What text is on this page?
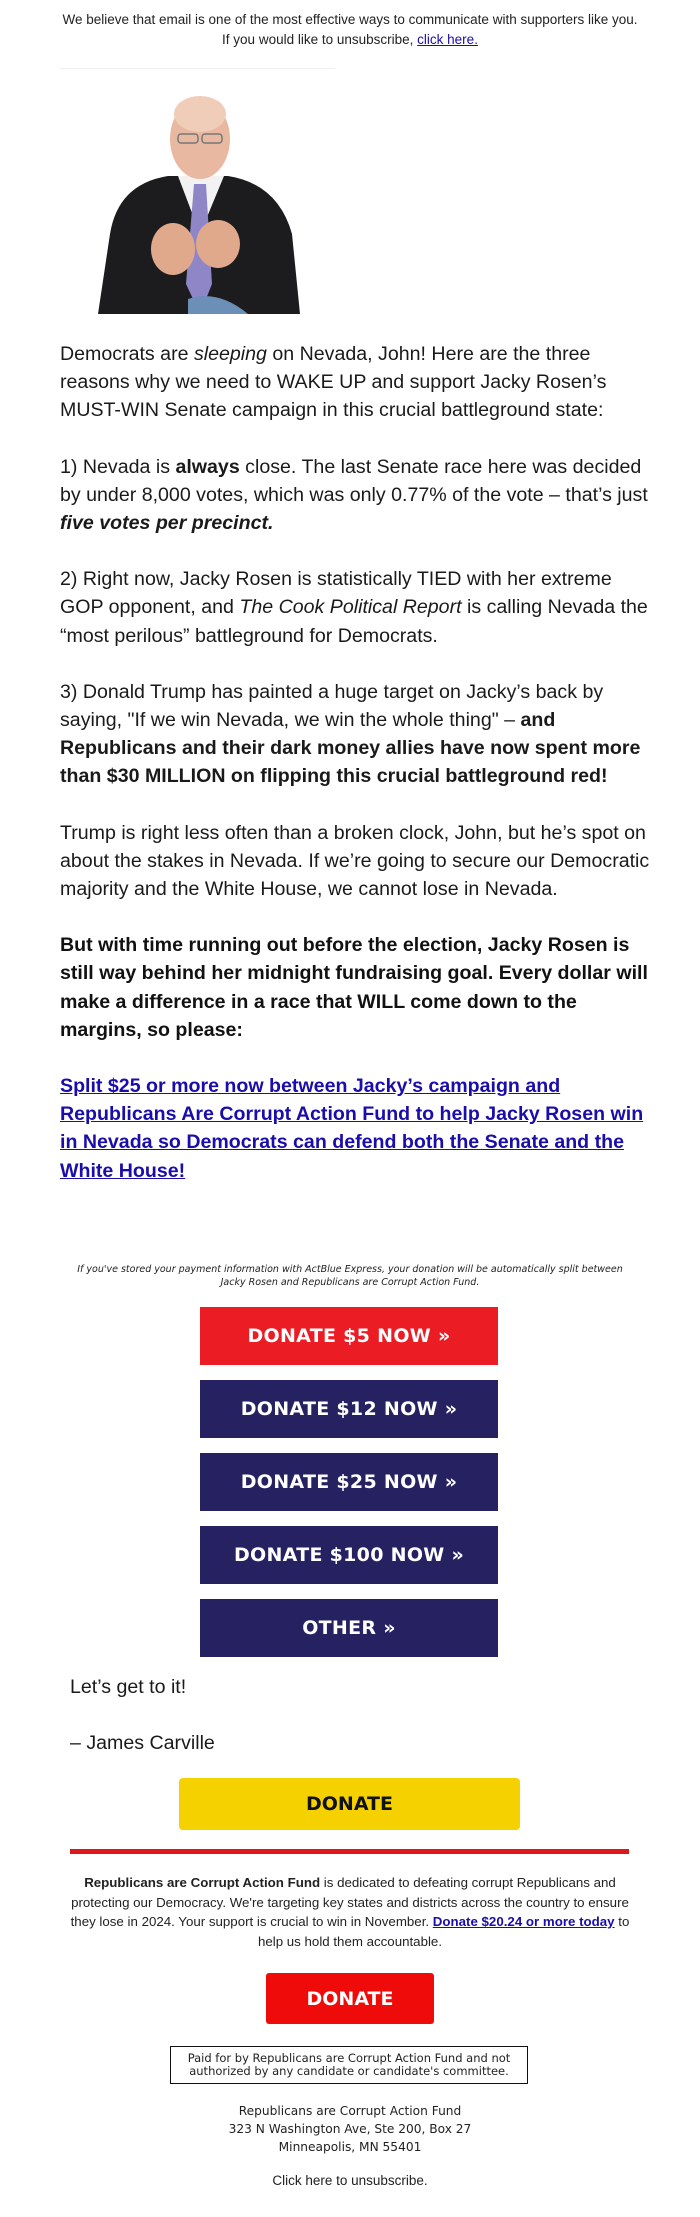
We believe that email is one of the most effective ways to communicate with supporters like you. If you would like to unsubscribe, click here.

Democrats are sleeping on Nevada, John! Here are the three reasons why we need to WAKE UP and support Jacky Rosen’s MUST-WIN Senate campaign in this crucial battleground state:

1) Nevada is always close. The last Senate race here was decided by under 8,000 votes, which was only 0.77% of the vote – that’s just five votes per precinct.

2) Right now, Jacky Rosen is statistically TIED with her extreme GOP opponent, and The Cook Political Report is calling Nevada the “most perilous” battleground for Democrats.

3) Donald Trump has painted a huge target on Jacky’s back by saying, "If we win Nevada, we win the whole thing" – and Republicans and their dark money allies have now spent more than $30 MILLION on flipping this crucial battleground red!

Trump is right less often than a broken clock, John, but he’s spot on about the stakes in Nevada. If we’re going to secure our Democratic majority and the White House, we cannot lose in Nevada.

But with time running out before the election, Jacky Rosen is still way behind her midnight fundraising goal. Every dollar will make a difference in a race that WILL come down to the margins, so please:

Split $25 or more now between Jacky’s campaign and Republicans Are Corrupt Action Fund to help Jacky Rosen win in Nevada so Democrats can defend both the Senate and the White House!

If you've stored your payment information with ActBlue Express, your donation will be automatically split between Jacky Rosen and Republicans are Corrupt Action Fund.
DONATE $5 NOW »
DONATE $12 NOW »
DONATE $25 NOW »
DONATE $100 NOW »
OTHER »
Let’s get to it!
– James Carville
DONATE
Republicans are Corrupt Action Fund is dedicated to defeating corrupt Republicans and protecting our Democracy. We're targeting key states and districts across the country to ensure they lose in 2024. Your support is crucial to win in November. Donate $20.24 or more today to help us hold them accountable.
DONATE
Paid for by Republicans are Corrupt Action Fund and not authorized by any candidate or candidate's committee.
Republicans are Corrupt Action Fund
323 N Washington Ave, Ste 200, Box 27
Minneapolis, MN 55401
Click here to unsubscribe.
